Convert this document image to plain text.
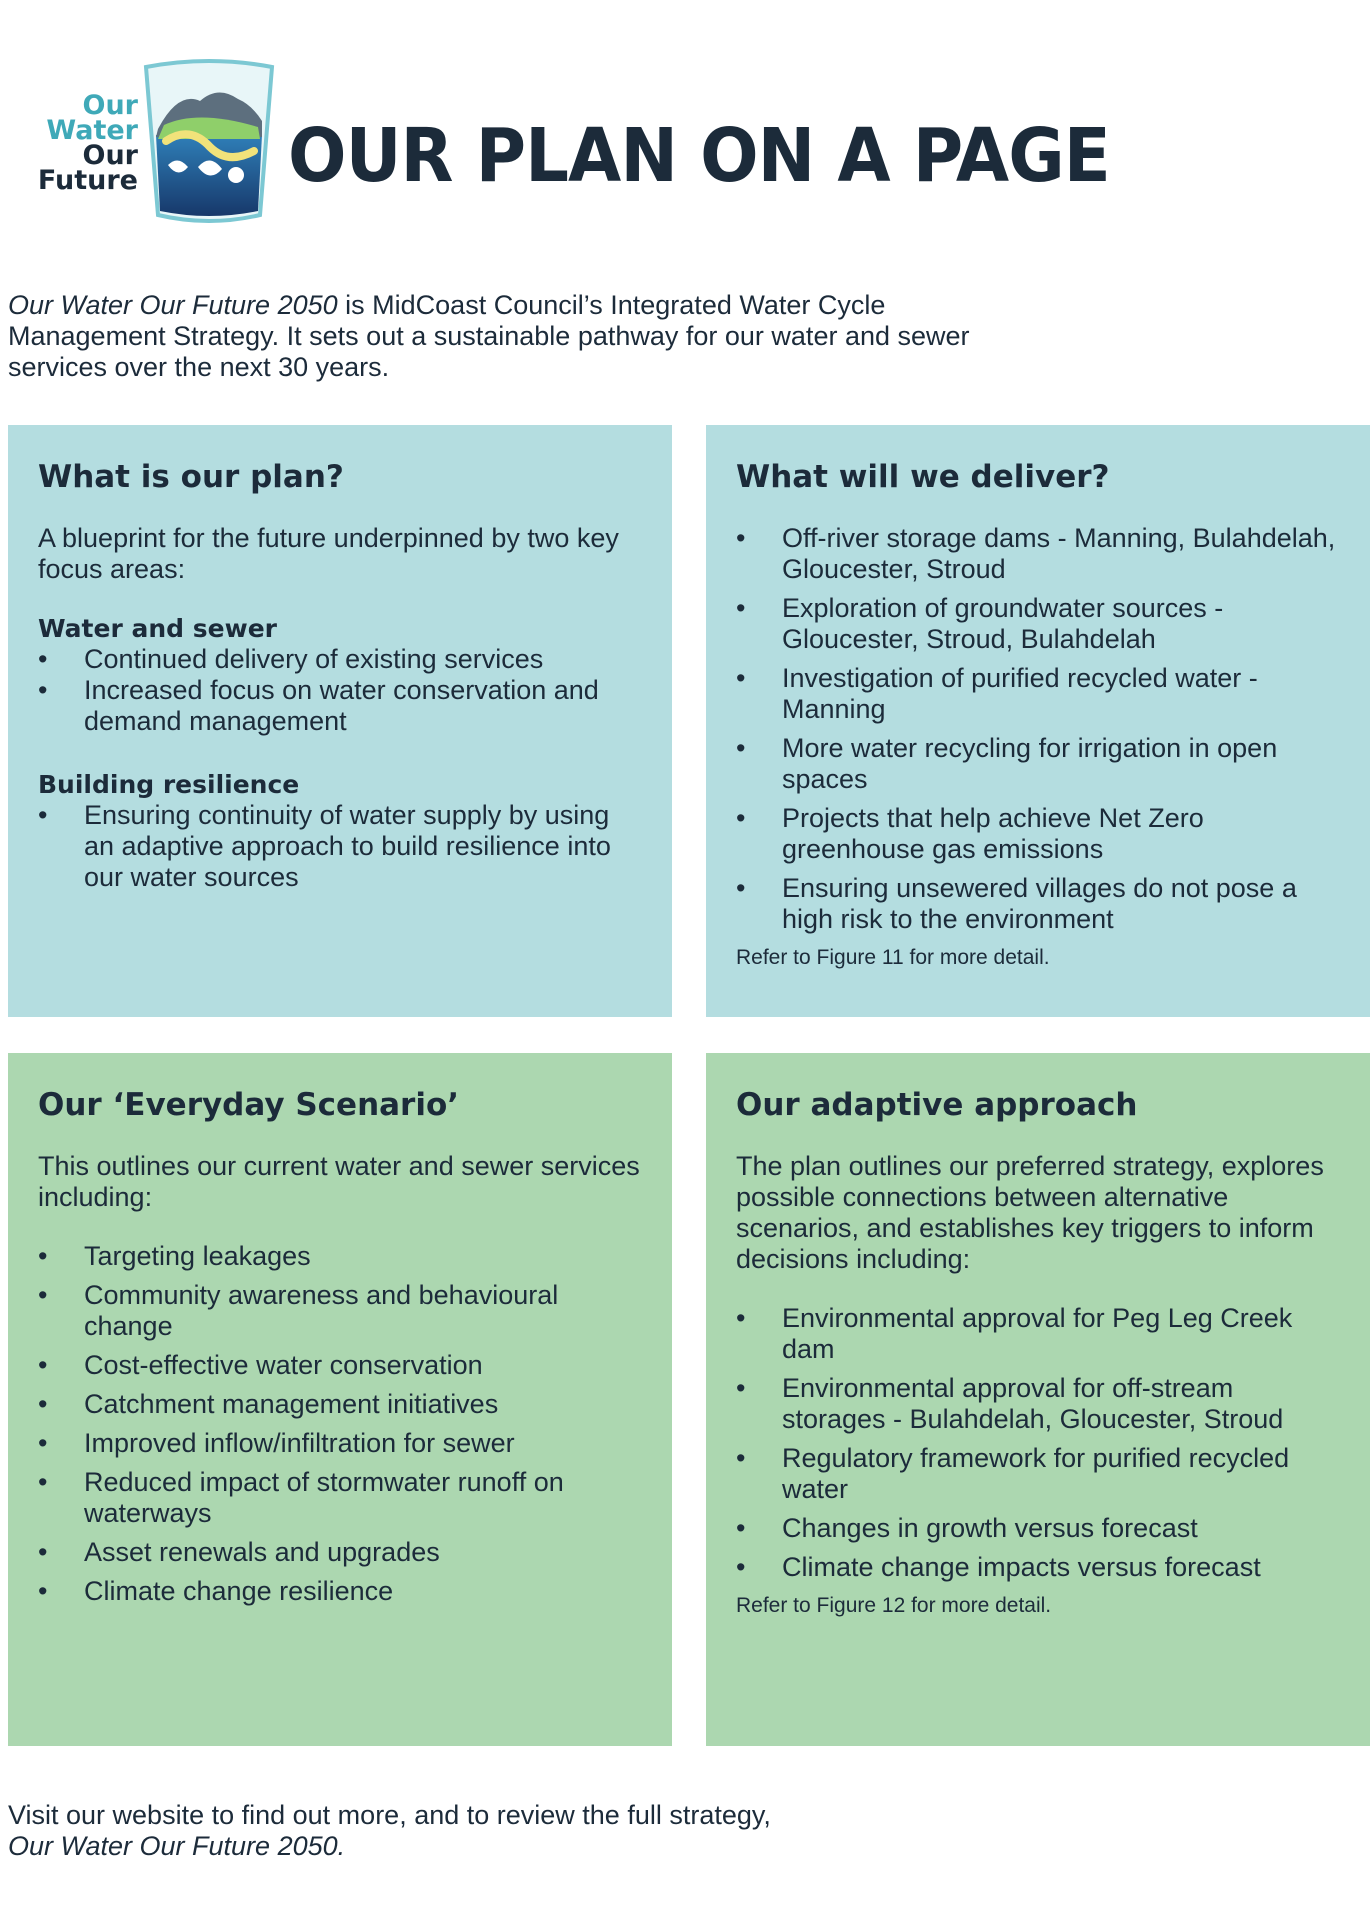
Our
Water
Our
Future OUR PLAN ON A PAGE
Our Water Our Future 2050 is MidCoast Council’s Integrated Water Cycle Management Strategy. It sets out a sustainable pathway for our water and sewer services over the next 30 years.
What is our plan?

A blueprint for the future underpinned by two key focus areas:

Water and sewer
• Continued delivery of existing services
• Increased focus on water conservation and demand management
Building resilience
• Ensuring continuity of water supply by using an adaptive approach to build resilience into our water sources
What will we deliver?
• Off-river storage dams - Manning, Bulahdelah, Gloucester, Stroud
• Exploration of groundwater sources - Gloucester, Stroud, Bulahdelah
• Investigation of purified recycled water - Manning
• More water recycling for irrigation in open spaces
• Projects that help achieve Net Zero greenhouse gas emissions
• Ensuring unsewered villages do not pose a high risk to the environment
Refer to Figure 11 for more detail.
Our ‘Everyday Scenario’

This outlines our current water and sewer services including:

• Targeting leakages
• Community awareness and behavioural change
• Cost-effective water conservation
• Catchment management initiatives
• Improved inflow/infiltration for sewer
• Reduced impact of stormwater runoff on waterways
• Asset renewals and upgrades
• Climate change resilience
Our adaptive approach

The plan outlines our preferred strategy, explores possible connections between alternative scenarios, and establishes key triggers to inform decisions including:

• Environmental approval for Peg Leg Creek dam
• Environmental approval for off-stream storages - Bulahdelah, Gloucester, Stroud
• Regulatory framework for purified recycled water
• Changes in growth versus forecast
• Climate change impacts versus forecast
Refer to Figure 12 for more detail.
Visit our website to find out more, and to review the full strategy,
Our Water Our Future 2050.
